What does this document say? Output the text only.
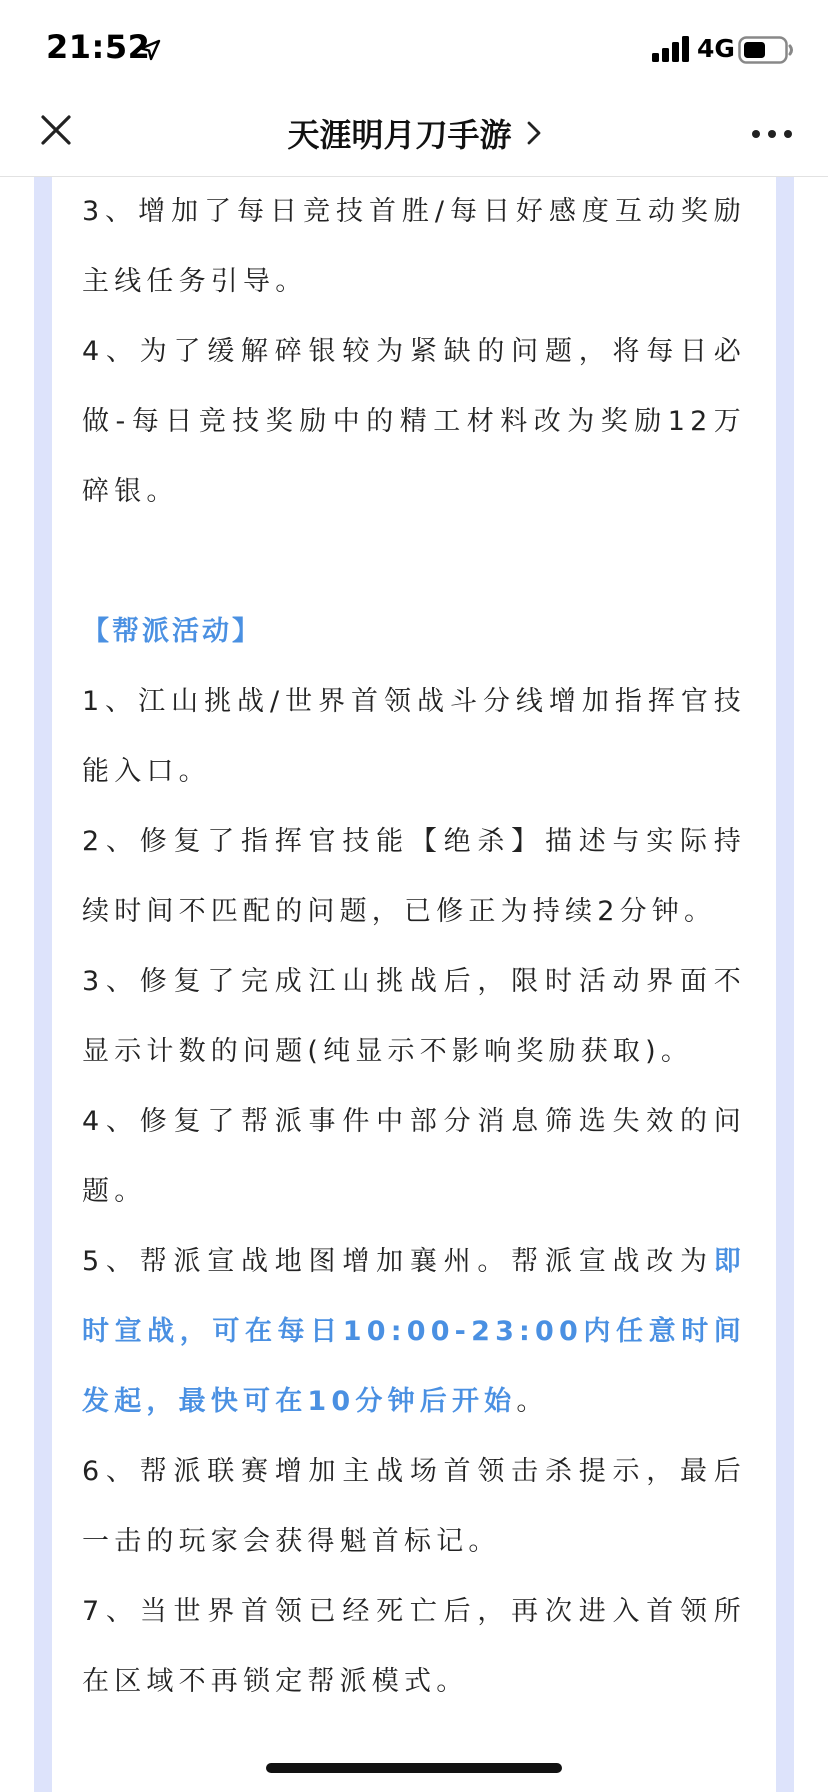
21:52	4G
天涯明月刀手游

3、增加了每日竞技首胜/每日好感度互动奖励主线任务引导。

4、为了缓解碎银较为紧缺的问题，将每日必做-每日竞技奖励中的精工材料改为奖励12万碎银。

【帮派活动】

1、江山挑战/世界首领战斗分线增加指挥官技能入口。

2、修复了指挥官技能【绝杀】描述与实际持续时间不匹配的问题，已修正为持续2分钟。

3、修复了完成江山挑战后，限时活动界面不显示计数的问题(纯显示不影响奖励获取)。

4、修复了帮派事件中部分消息筛选失效的问题。

5、帮派宣战地图增加襄州。帮派宣战改为即时宣战，可在每日10:00-23:00内任意时间发起，最快可在10分钟后开始。

6、帮派联赛增加主战场首领击杀提示，最后一击的玩家会获得魁首标记。

7、当世界首领已经死亡后，再次进入首领所在区域不再锁定帮派模式。
